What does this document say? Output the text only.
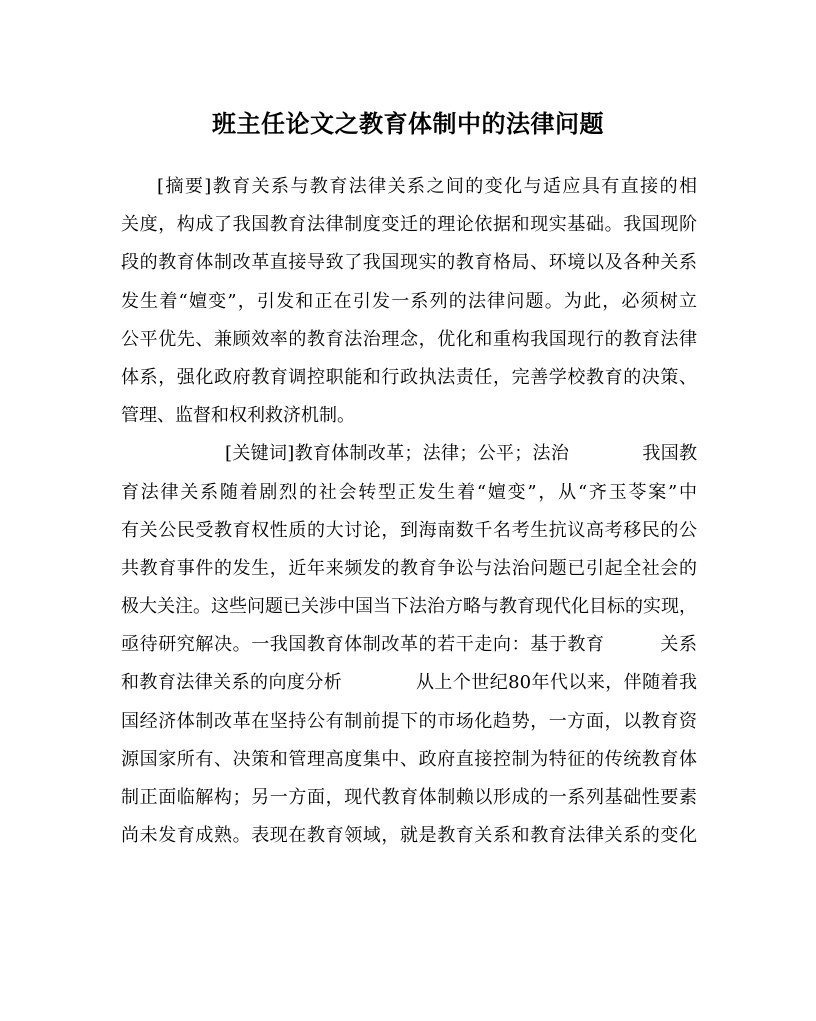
班主任论文之教育体制中的法律问题
[摘要]教育关系与教育法律关系之间的变化与适应具有直接的相
关度，构成了我国教育法律制度变迁的理论依据和现实基础。我国现阶
段的教育体制改革直接导致了我国现实的教育格局、环境以及各种关系
发生着“嬗变”，引发和正在引发一系列的法律问题。为此，必须树立
公平优先、兼顾效率的教育法治理念，优化和重构我国现行的教育法律
体系，强化政府教育调控职能和行政执法责任，完善学校教育的决策、
管理、监督和权利救济机制。
[关键词]教育体制改革；法律；公平；法治　　　　我国教
育法律关系随着剧烈的社会转型正发生着“嬗变”，从“齐玉苓案”中
有关公民受教育权性质的大讨论，到海南数千名考生抗议高考移民的公
共教育事件的发生，近年来频发的教育争讼与法治问题已引起全社会的
极大关注。这些问题已关涉中国当下法治方略与教育现代化目标的实现，
亟待研究解决。一我国教育体制改革的若干走向：基于教育　　　关系
和教育法律关系的向度分析　　　　从上个世纪80年代以来，伴随着我
国经济体制改革在坚持公有制前提下的市场化趋势，一方面，以教育资
源国家所有、决策和管理高度集中、政府直接控制为特征的传统教育体
制正面临解构；另一方面，现代教育体制赖以形成的一系列基础性要素
尚未发育成熟。表现在教育领域，就是教育关系和教育法律关系的变化
